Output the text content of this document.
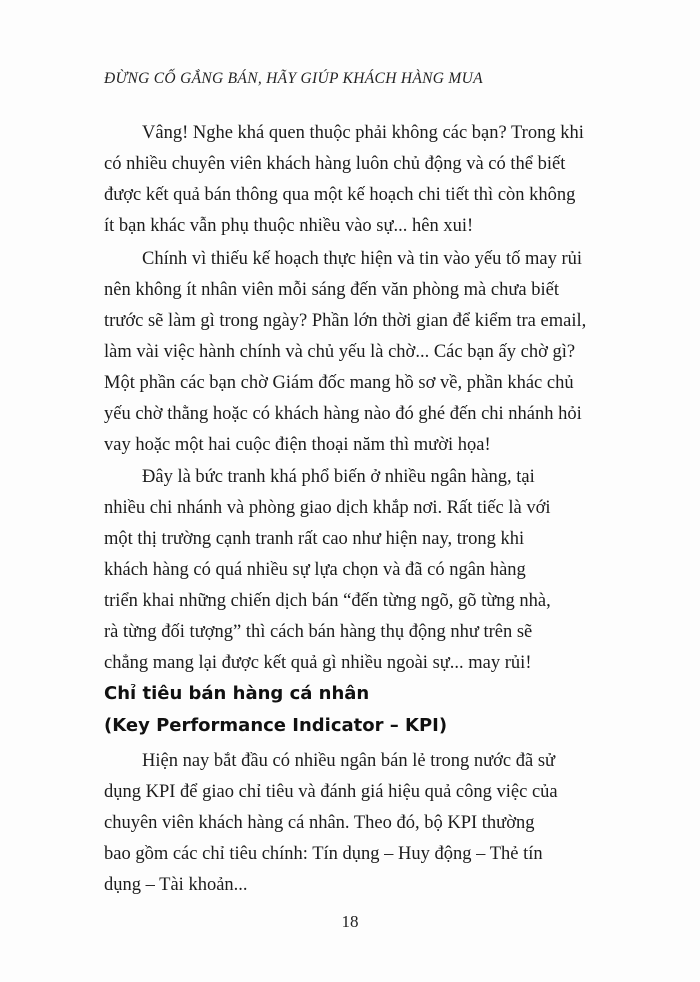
ĐỪNG CỐ GẮNG BÁN, HÃY GIÚP KHÁCH HÀNG MUA
Vâng! Nghe khá quen thuộc phải không các bạn? Trong khi
có nhiều chuyên viên khách hàng luôn chủ động và có thể biết
được kết quả bán thông qua một kế hoạch chi tiết thì còn không
ít bạn khác vẫn phụ thuộc nhiều vào sự... hên xui!
Chính vì thiếu kế hoạch thực hiện và tin vào yếu tố may rủi
nên không ít nhân viên mỗi sáng đến văn phòng mà chưa biết
trước sẽ làm gì trong ngày? Phần lớn thời gian để kiểm tra email,
làm vài việc hành chính và chủ yếu là chờ... Các bạn ấy chờ gì?
Một phần các bạn chờ Giám đốc mang hồ sơ về, phần khác chủ
yếu chờ thằng hoặc có khách hàng nào đó ghé đến chi nhánh hỏi
vay hoặc một hai cuộc điện thoại năm thì mười họa!
Đây là bức tranh khá phổ biến ở nhiều ngân hàng, tại
nhiều chi nhánh và phòng giao dịch khắp nơi. Rất tiếc là với
một thị trường cạnh tranh rất cao như hiện nay, trong khi
khách hàng có quá nhiều sự lựa chọn và đã có ngân hàng
triển khai những chiến dịch bán “đến từng ngõ, gõ từng nhà,
rà từng đối tượng” thì cách bán hàng thụ động như trên sẽ
chẳng mang lại được kết quả gì nhiều ngoài sự... may rủi!
Chỉ tiêu bán hàng cá nhân
(Key Performance Indicator – KPI)
Hiện nay bắt đầu có nhiều ngân bán lẻ trong nước đã sử
dụng KPI để giao chỉ tiêu và đánh giá hiệu quả công việc của
chuyên viên khách hàng cá nhân. Theo đó, bộ KPI thường
bao gồm các chỉ tiêu chính: Tín dụng – Huy động – Thẻ tín
dụng – Tài khoản...
18
